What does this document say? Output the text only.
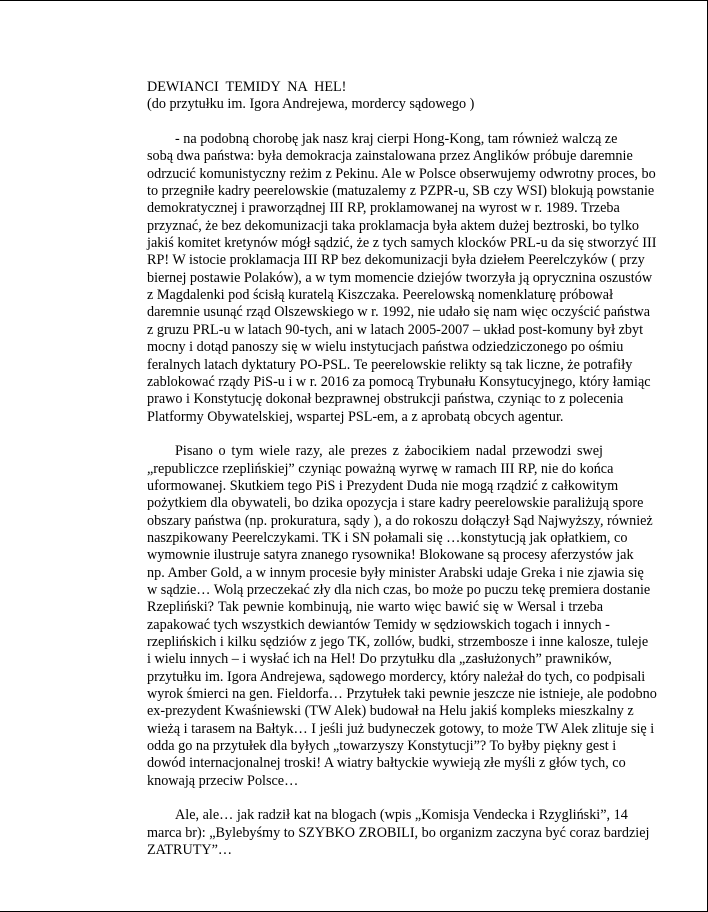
DEWIANCI  TEMIDY  NA  HEL!
(do przytułku im. Igora Andrejewa, mordercy sądowego )
- na podobną chorobę jak nasz kraj cierpi Hong-Kong, tam również walczą ze
sobą dwa państwa: była demokracja zainstalowana przez Anglików próbuje daremnie
odrzucić komunistyczny reżim z Pekinu. Ale w Polsce obserwujemy odwrotny proces, bo
to przegniłe kadry peerelowskie (matuzalemy z PZPR-u, SB czy WSI) blokują powstanie
demokratycznej i praworządnej III RP, proklamowanej na wyrost w r. 1989. Trzeba
przyznać, że bez dekomunizacji taka proklamacja była aktem dużej beztroski, bo tylko
jakiś komitet kretynów mógł sądzić, że z tych samych klocków PRL-u da się stworzyć III
RP! W istocie proklamacja III RP bez dekomunizacji była dziełem Peerelczyków ( przy
biernej postawie Polaków), a w tym momencie dziejów tworzyła ją oprycznina oszustów
z Magdalenki pod ścisłą kuratelą Kiszczaka. Peerelowską nomenklaturę próbował
daremnie usunąć rząd Olszewskiego w r. 1992, nie udało się nam więc oczyścić państwa
z gruzu PRL-u w latach 90-tych, ani w latach 2005-2007 – układ post-komuny był zbyt
mocny i dotąd panoszy się w wielu instytucjach państwa odziedziczonego po ośmiu
feralnych latach dyktatury PO-PSL. Te peerelowskie relikty są tak liczne, że potrafiły
zablokować rządy PiS-u i w r. 2016 za pomocą Trybunału Konsytucyjnego, który łamiąc
prawo i Konstytucję dokonał bezprawnej obstrukcji państwa, czyniąc to z polecenia
Platformy Obywatelskiej, wspartej PSL-em, a z aprobatą obcych agentur.
Pisano o tym wiele razy, ale prezes z żabocikiem nadal przewodzi swej
„republiczce rzeplińskiej” czyniąc poważną wyrwę w ramach III RP, nie do końca
uformowanej. Skutkiem tego PiS i Prezydent Duda nie mogą rządzić z całkowitym
pożytkiem dla obywateli, bo dzika opozycja i stare kadry peerelowskie paraliżują spore
obszary państwa (np. prokuratura, sądy ), a do rokoszu dołączył Sąd Najwyższy, również
naszpikowany Peerelczykami. TK i SN połamali się …konstytucją jak opłatkiem, co
wymownie ilustruje satyra znanego rysownika! Blokowane są procesy aferzystów jak
np. Amber Gold, a w innym procesie były minister Arabski udaje Greka i nie zjawia się
w sądzie… Wolą przeczekać zły dla nich czas, bo może po puczu tekę premiera dostanie
Rzepliński? Tak pewnie kombinują, nie warto więc bawić się w Wersal i trzeba
zapakować tych wszystkich dewiantów Temidy w sędziowskich togach i innych -
rzeplińskich i kilku sędziów z jego TK, zollów, budki, strzembosze i inne kalosze, tuleje
i wielu innych – i wysłać ich na Hel! Do przytułku dla „zasłużonych” prawników,
przytułku im. Igora Andrejewa, sądowego mordercy, który należał do tych, co podpisali
wyrok śmierci na gen. Fieldorfa… Przytułek taki pewnie jeszcze nie istnieje, ale podobno
ex-prezydent Kwaśniewski (TW Alek) budował na Helu jakiś kompleks mieszkalny z
wieżą i tarasem na Bałtyk… I jeśli już budyneczek gotowy, to może TW Alek zlituje się i
odda go na przytułek dla byłych „towarzyszy Konstytucji”? To byłby piękny gest i
dowód internacjonalnej troski! A wiatry bałtyckie wywieją złe myśli z głów tych, co
knowają przeciw Polsce…
Ale, ale… jak radził kat na blogach (wpis „Komisja Vendecka i Rzygliński”, 14
marca br): „Bylebyśmy to SZYBKO ZROBILI, bo organizm zaczyna być coraz bardziej
ZATRUTY”…
